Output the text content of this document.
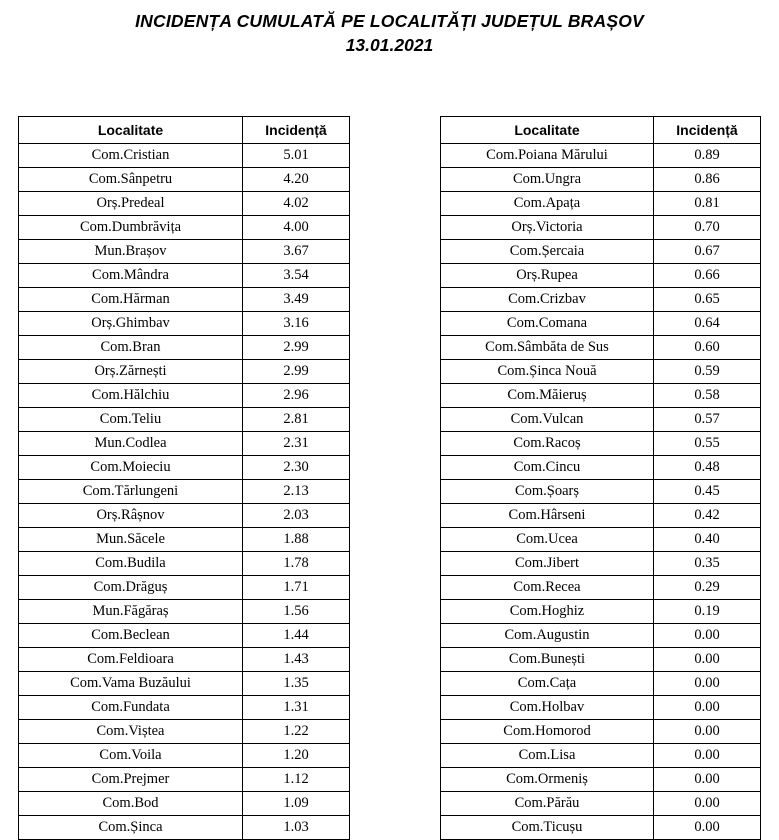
INCIDENȚA CUMULATĂ PE LOCALITĂȚI JUDEȚUL BRAȘOV
13.01.2021
Localitate	Incidență
Com.Cristian	5.01
Com.Sânpetru	4.20
Orș.Predeal	4.02
Com.Dumbrăvița	4.00
Mun.Brașov	3.67
Com.Mândra	3.54
Com.Hărman	3.49
Orș.Ghimbav	3.16
Com.Bran	2.99
Orș.Zărnești	2.99
Com.Hălchiu	2.96
Com.Teliu	2.81
Mun.Codlea	2.31
Com.Moieciu	2.30
Com.Tărlungeni	2.13
Orș.Râșnov	2.03
Mun.Săcele	1.88
Com.Budila	1.78
Com.Drăguș	1.71
Mun.Făgăraș	1.56
Com.Beclean	1.44
Com.Feldioara	1.43
Com.Vama Buzăului	1.35
Com.Fundata	1.31
Com.Viștea	1.22
Com.Voila	1.20
Com.Prejmer	1.12
Com.Bod	1.09
Com.Șinca	1.03
Localitate	Incidență
Com.Poiana Mărului	0.89
Com.Ungra	0.86
Com.Apața	0.81
Orș.Victoria	0.70
Com.Șercaia	0.67
Orș.Rupea	0.66
Com.Crizbav	0.65
Com.Comana	0.64
Com.Sâmbăta de Sus	0.60
Com.Șinca Nouă	0.59
Com.Măieruș	0.58
Com.Vulcan	0.57
Com.Racoș	0.55
Com.Cincu	0.48
Com.Șoarș	0.45
Com.Hârseni	0.42
Com.Ucea	0.40
Com.Jibert	0.35
Com.Recea	0.29
Com.Hoghiz	0.19
Com.Augustin	0.00
Com.Bunești	0.00
Com.Cața	0.00
Com.Holbav	0.00
Com.Homorod	0.00
Com.Lisa	0.00
Com.Ormeniș	0.00
Com.Părău	0.00
Com.Ticușu	0.00
